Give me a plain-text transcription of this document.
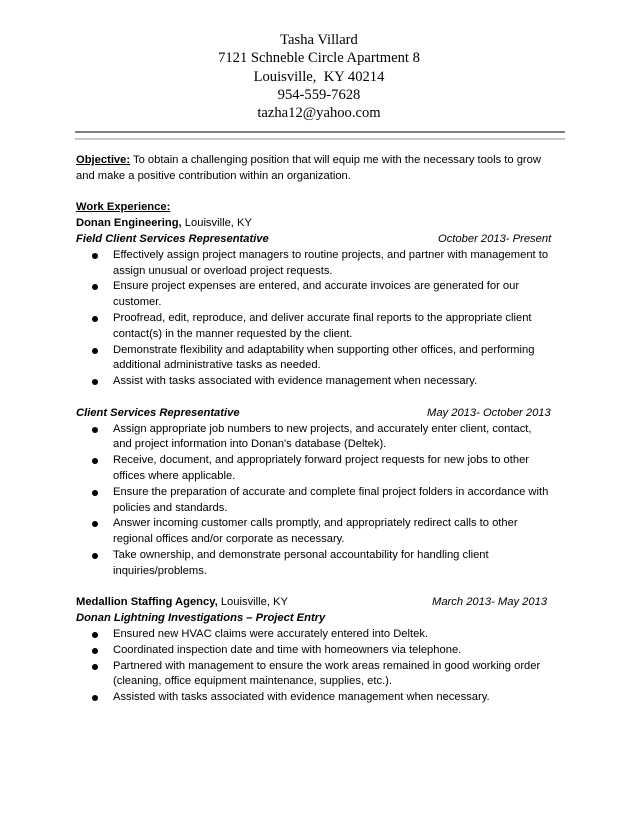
Tasha Villard
7121 Schneble Circle Apartment 8
Louisville,  KY 40214
954-559-7628
tazha12@yahoo.com

Objective: To obtain a challenging position that will equip me with the necessary tools to grow and make a positive contribution within an organization.

Work Experience:
Donan Engineering, Louisville, KY
Field Client Services Representative	October 2013- Present
Effectively assign project managers to routine projects, and partner with management to assign unusual or overload project requests.
Ensure project expenses are entered, and accurate invoices are generated for our customer.
Proofread, edit, reproduce, and deliver accurate final reports to the appropriate client contact(s) in the manner requested by the client.
Demonstrate flexibility and adaptability when supporting other offices, and performing additional administrative tasks as needed.
Assist with tasks associated with evidence management when necessary.
Client Services Representative	May 2013- October 2013
Assign appropriate job numbers to new projects, and accurately enter client, contact, and project information into Donan's database (Deltek).
Receive, document, and appropriately forward project requests for new jobs to other offices where applicable.
Ensure the preparation of accurate and complete final project folders in accordance with policies and standards.
Answer incoming customer calls promptly, and appropriately redirect calls to other regional offices and/or corporate as necessary.
Take ownership, and demonstrate personal accountability for handling client inquiries/problems.
Medallion Staffing Agency, Louisville, KY	March 2013- May 2013
Donan Lightning Investigations – Project Entry
Ensured new HVAC claims were accurately entered into Deltek.
Coordinated inspection date and time with homeowners via telephone.
Partnered with management to ensure the work areas remained in good working order (cleaning, office equipment maintenance, supplies, etc.).
Assisted with tasks associated with evidence management when necessary.
